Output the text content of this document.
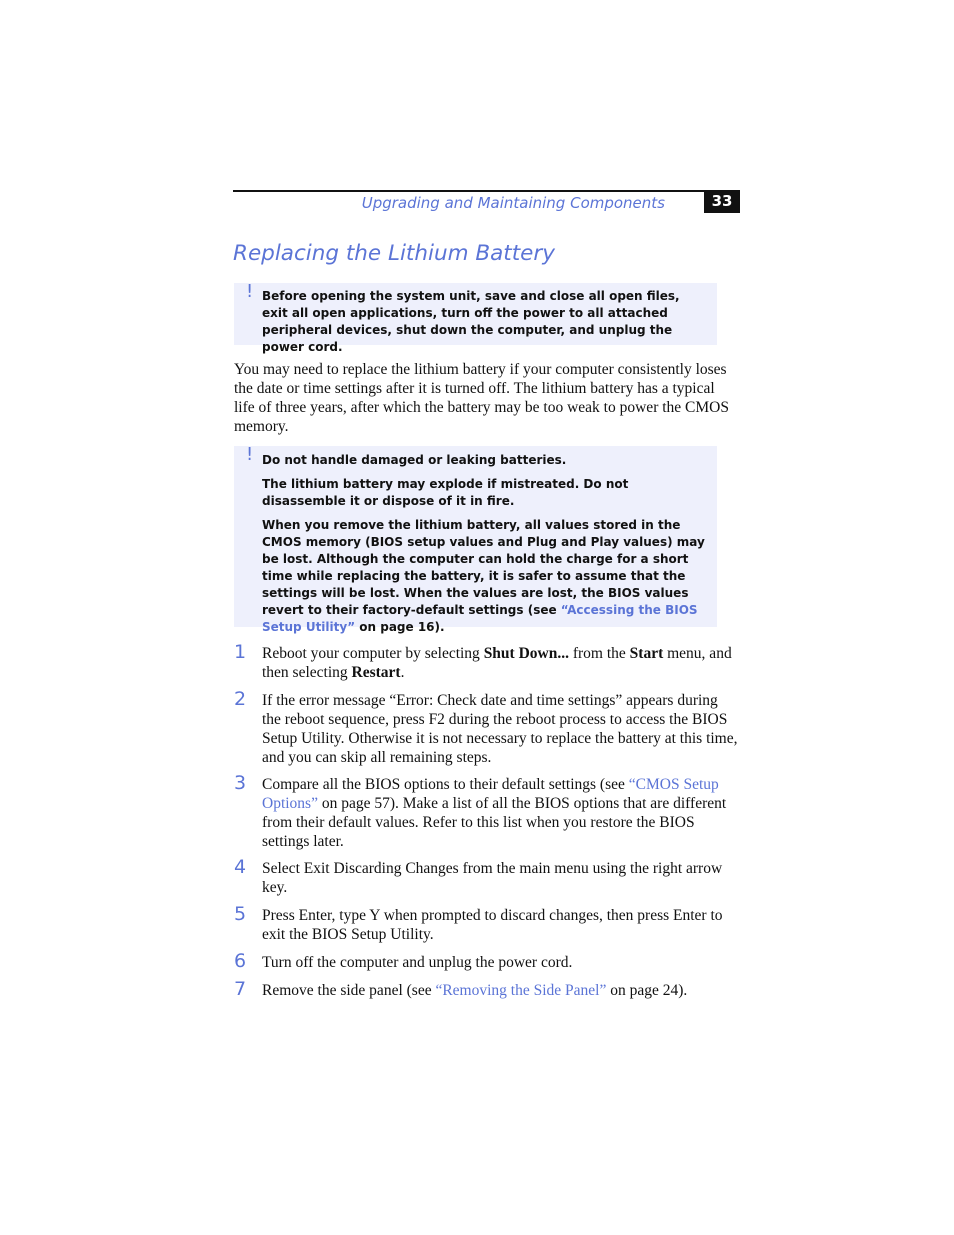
Upgrading and Maintaining Components	33
Replacing the Lithium Battery
! Before opening the system unit, save and close all open files, exit all open applications, turn off the power to all attached peripheral devices, shut down the computer, and unplug the power cord.

You may need to replace the lithium battery if your computer consistently loses the date or time settings after it is turned off. The lithium battery has a typical life of three years, after which the battery may be too weak to power the CMOS memory.

! Do not handle damaged or leaking batteries.

The lithium battery may explode if mistreated. Do not disassemble it or dispose of it in fire.

When you remove the lithium battery, all values stored in the CMOS memory (BIOS setup values and Plug and Play values) may be lost. Although the computer can hold the charge for a short time while replacing the battery, it is safer to assume that the settings will be lost. When the values are lost, the BIOS values revert to their factory-default settings (see “Accessing the BIOS Setup Utility” on page 16).

1 Reboot your computer by selecting Shut Down... from the Start menu, and then selecting Restart.

2 If the error message “Error: Check date and time settings” appears during the reboot sequence, press F2 during the reboot process to access the BIOS Setup Utility. Otherwise it is not necessary to replace the battery at this time, and you can skip all remaining steps.

3 Compare all the BIOS options to their default settings (see “CMOS Setup Options” on page 57). Make a list of all the BIOS options that are different from their default values. Refer to this list when you restore the BIOS settings later.

4 Select Exit Discarding Changes from the main menu using the right arrow key.

5 Press Enter, type Y when prompted to discard changes, then press Enter to exit the BIOS Setup Utility.

6 Turn off the computer and unplug the power cord.

7 Remove the side panel (see “Removing the Side Panel” on page 24).
